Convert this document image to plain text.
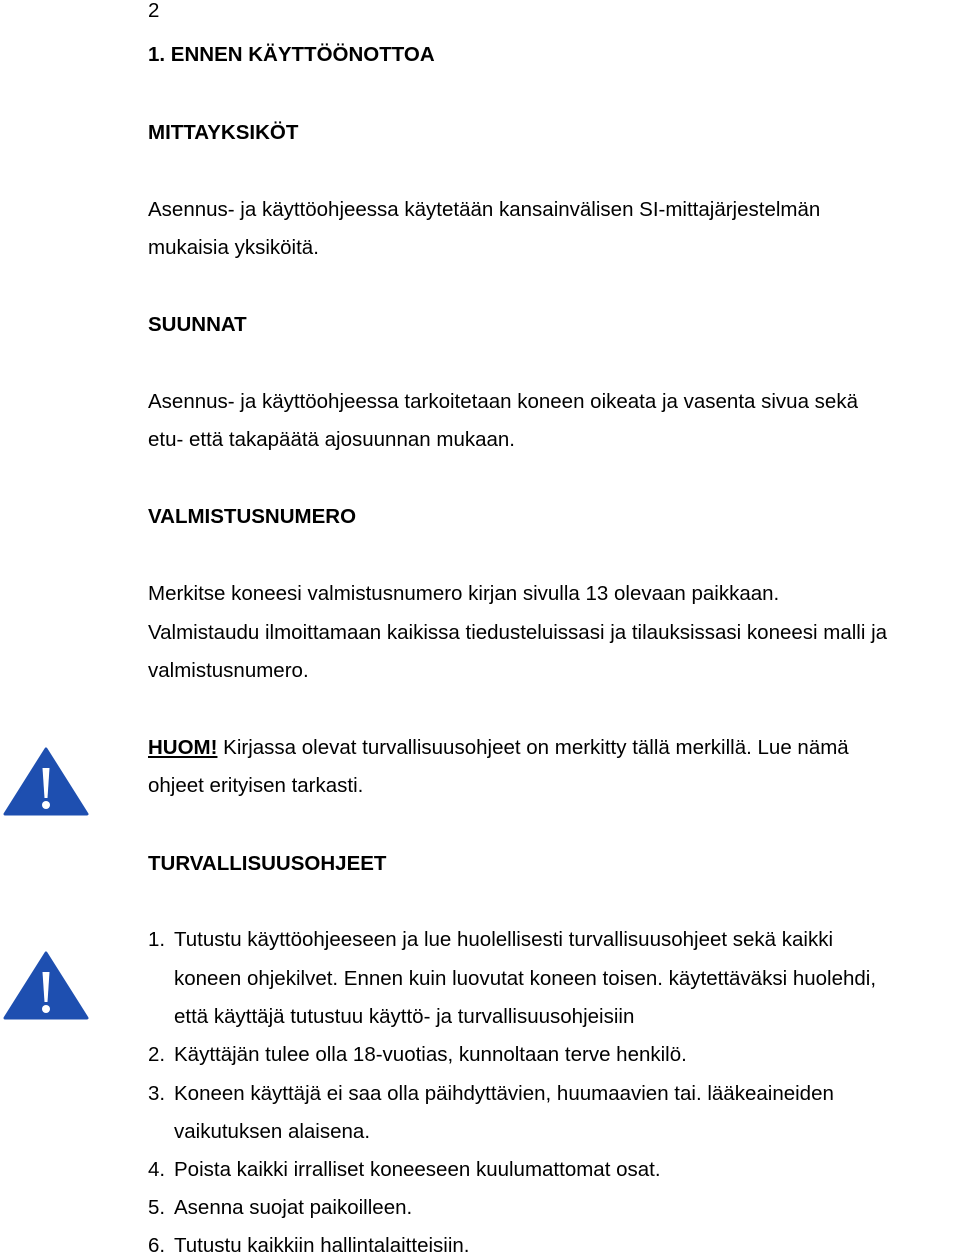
2
1. ENNEN KÄYTTÖÖNOTTOA
MITTAYKSIKÖT
Asennus- ja käyttöohjeessa käytetään kansainvälisen SI-mittajärjestelmän
mukaisia yksiköitä.
SUUNNAT
Asennus- ja käyttöohjeessa tarkoitetaan koneen oikeata ja vasenta sivua sekä
etu- että takapäätä ajosuunnan mukaan.
VALMISTUSNUMERO
Merkitse koneesi valmistusnumero kirjan sivulla 13 olevaan paikkaan.
Valmistaudu ilmoittamaan kaikissa tiedusteluissasi ja tilauksissasi koneesi malli ja
valmistusnumero.
HUOM! Kirjassa olevat turvallisuusohjeet on merkitty tällä merkillä. Lue nämä
ohjeet erityisen tarkasti.
TURVALLISUUSOHJEET
1. Tutustu käyttöohjeeseen ja lue huolellisesti turvallisuusohjeet sekä kaikki
koneen ohjekilvet. Ennen kuin luovutat koneen toisen. käytettäväksi huolehdi,
että käyttäjä tutustuu käyttö- ja turvallisuusohjeisiin
2. Käyttäjän tulee olla 18-vuotias, kunnoltaan terve henkilö.
3. Koneen käyttäjä ei saa olla päihdyttävien, huumaavien tai. lääkeaineiden
vaikutuksen alaisena.
4. Poista kaikki irralliset koneeseen kuulumattomat osat.
5. Asenna suojat paikoilleen.
6. Tutustu kaikkiin hallintalaitteisiin.
